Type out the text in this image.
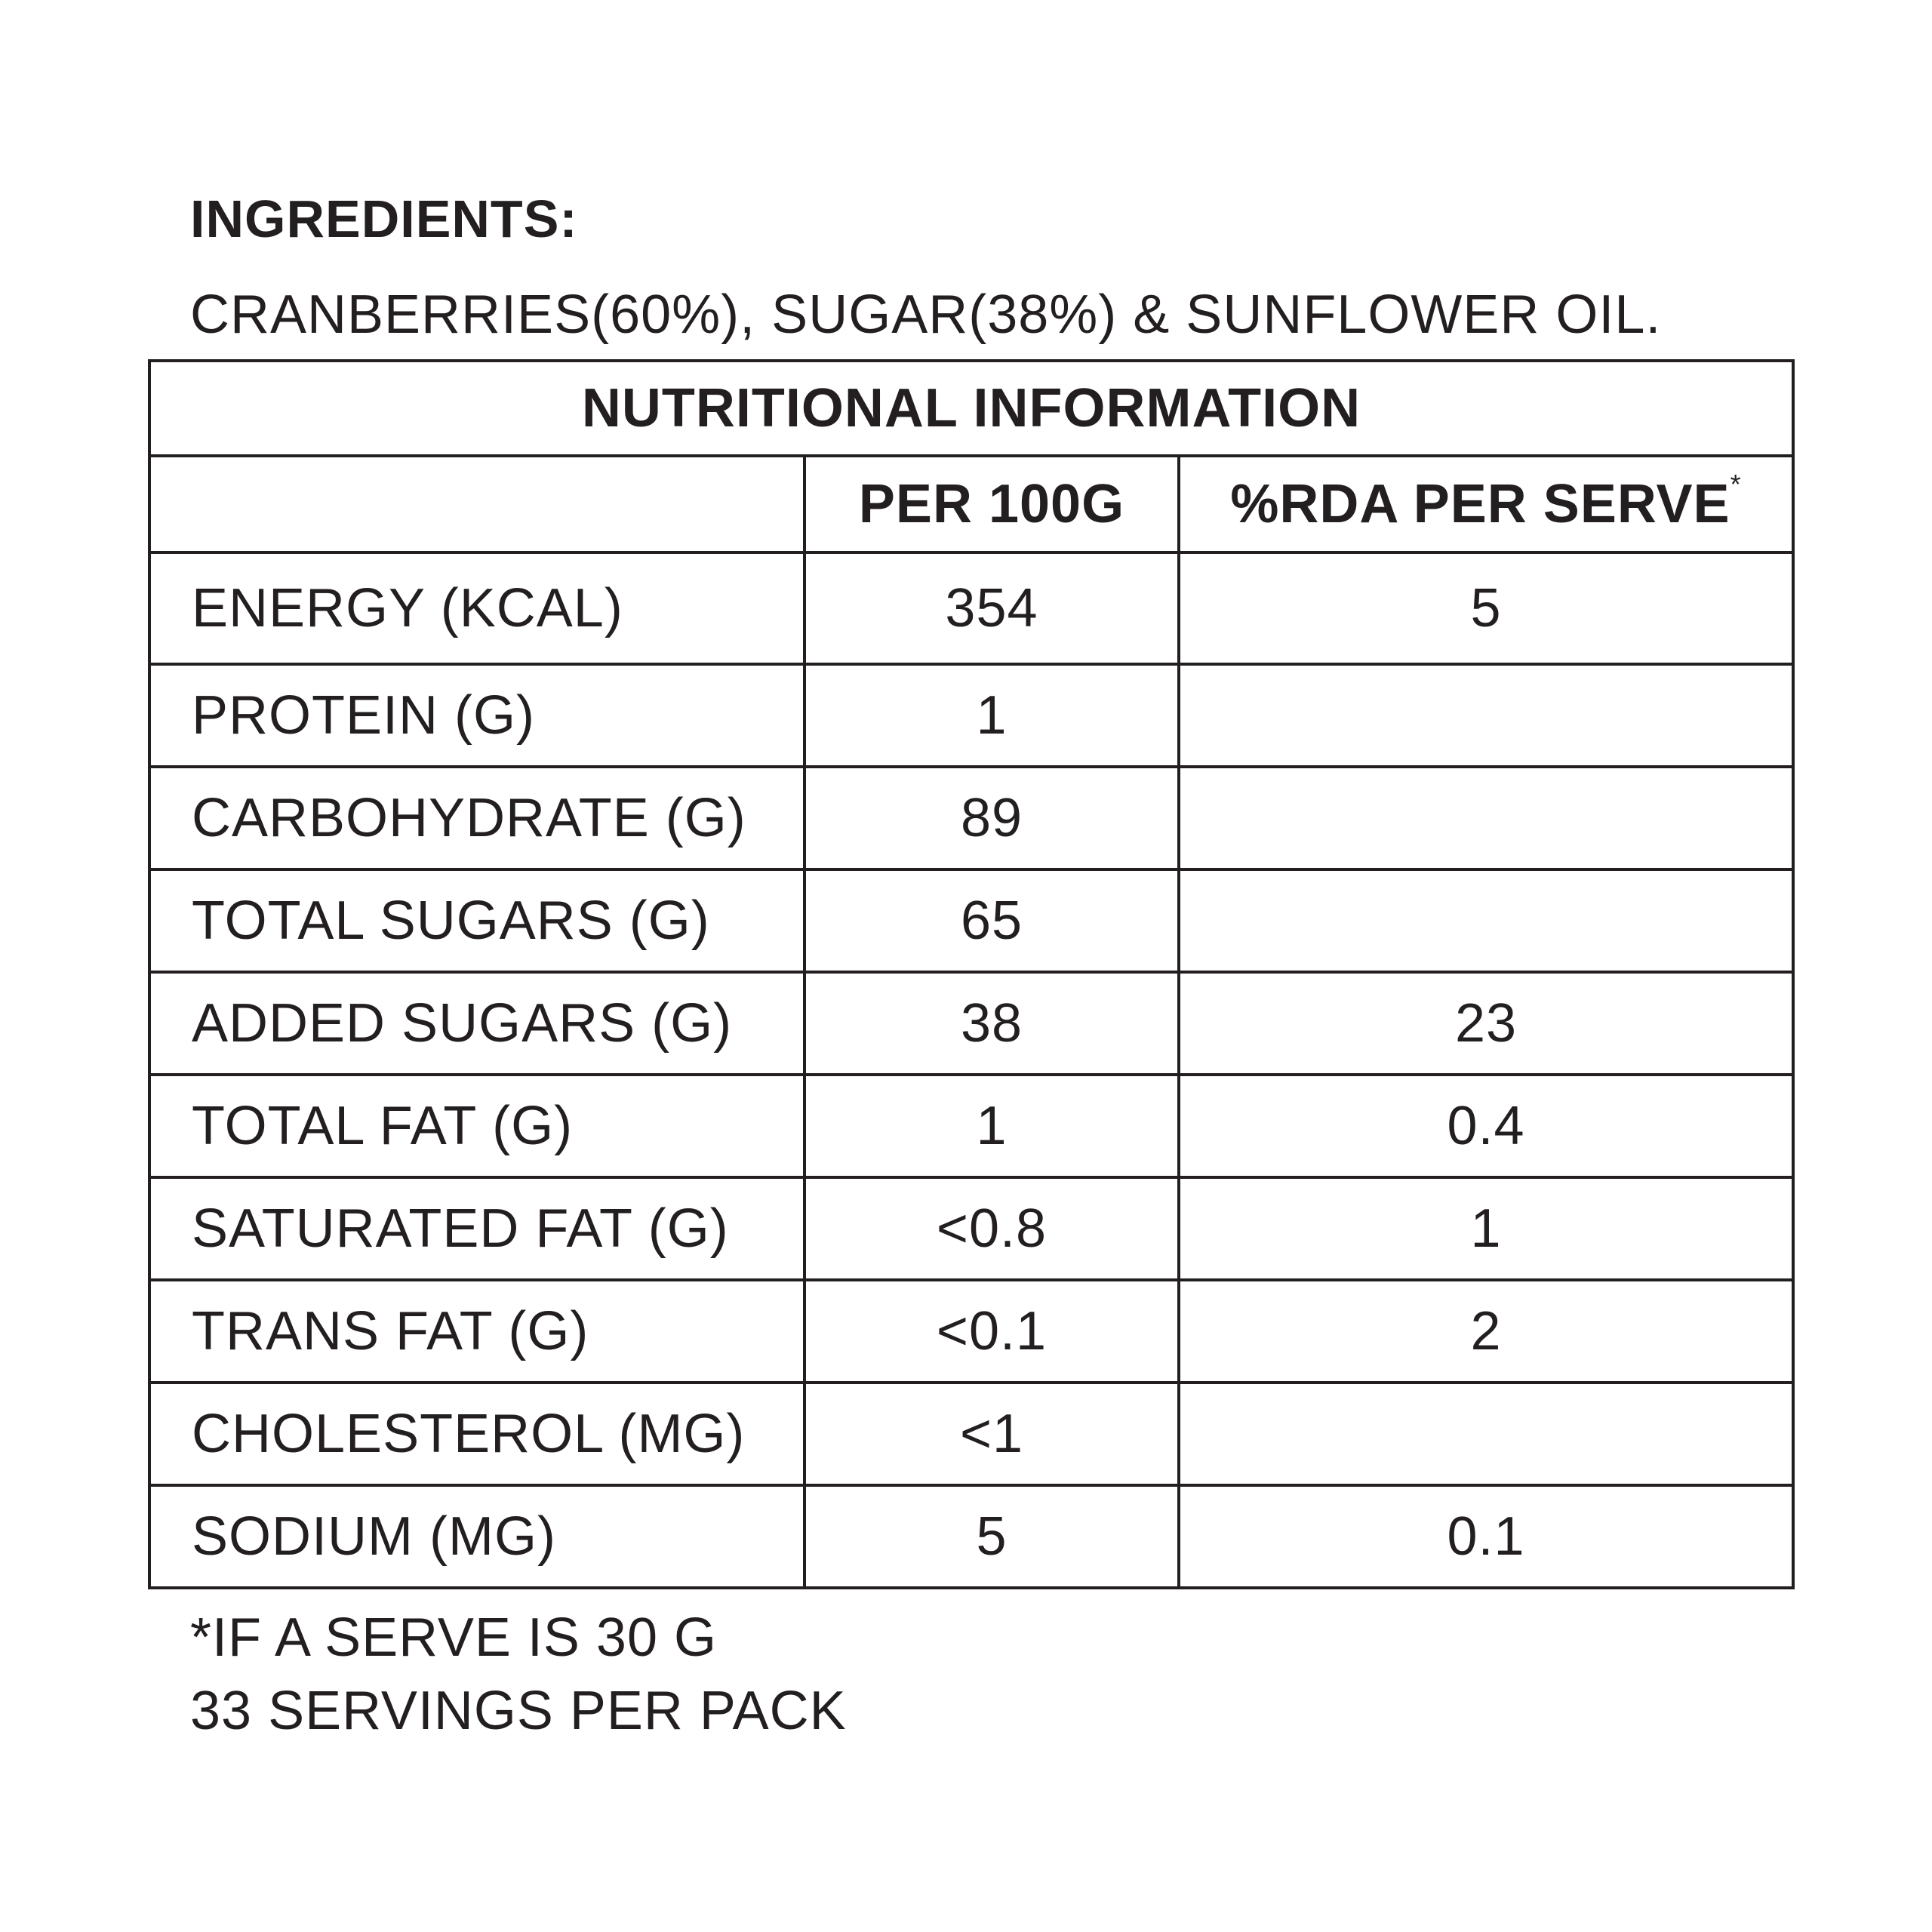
INGREDIENTS:
CRANBERRIES(60%), SUGAR(38%) & SUNFLOWER OIL.
NUTRITIONAL INFORMATION		
	PER 100G	%RDA PER SERVE*
ENERGY (KCAL)	354	5
PROTEIN (G)	1	
CARBOHYDRATE (G)	89	
TOTAL SUGARS (G)	65	
ADDED SUGARS (G)	38	23
TOTAL FAT (G)	1	0.4
SATURATED FAT (G)	<0.8	1
TRANS FAT (G)	<0.1	2
CHOLESTEROL (MG)	<1	
SODIUM (MG)	5	0.1
*IF A SERVE IS 30 G
33 SERVINGS PER PACK
